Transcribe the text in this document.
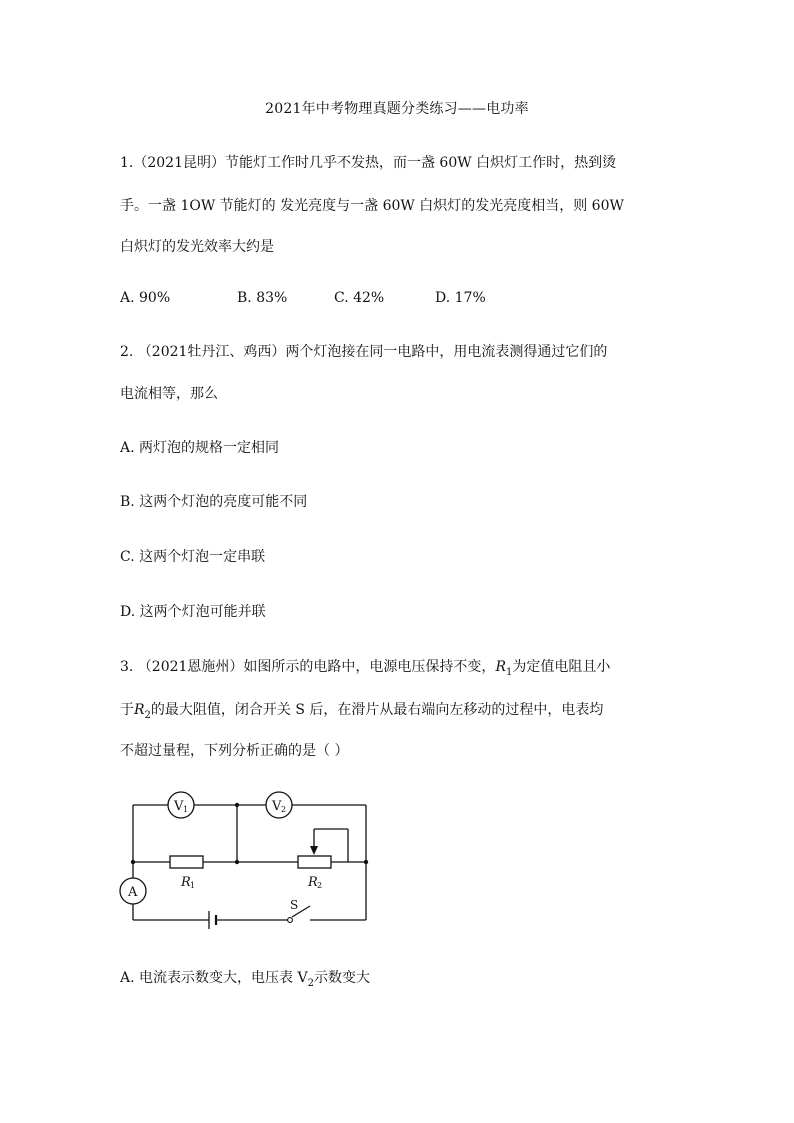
2021年中考物理真题分类练习——电功率
1.（2021昆明）节能灯工作时几乎不发热，而一盏 60W 白炽灯工作时，热到烫
手。一盏 1OW 节能灯的 发光亮度与一盏 60W 白炽灯的发光亮度相当，则 60W
白炽灯的发光效率大约是
A. 90%	B. 83%	C. 42%	D. 17%
2. （2021牡丹江、鸡西）两个灯泡接在同一电路中，用电流表测得通过它们的
电流相等，那么
A. 两灯泡的规格一定相同
B. 这两个灯泡的亮度可能不同
C. 这两个灯泡一定串联
D. 这两个灯泡可能并联
3. （2021恩施州）如图所示的电路中，电源电压保持不变，$R_1$为定值电阻且小
于$R_2$的最大阻值，闭合开关 S 后，在滑片从最右端向左移动的过程中，电表均
不超过量程，下列分析正确的是（ ）
V 1	V 2
A
R 1	R 2
S
A. 电流表示数变大，电压表 $V_2$示数变大
